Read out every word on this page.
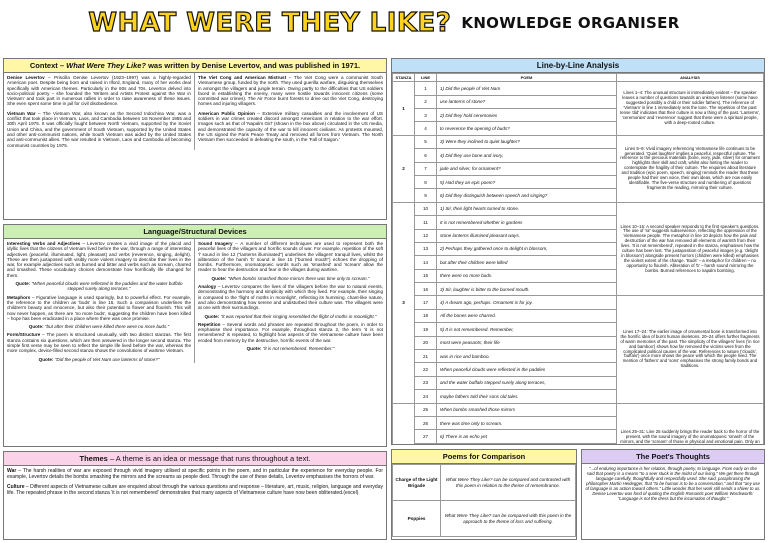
WHAT WERE THEY LIKE? KNOWLEDGE ORGANISER
Context – What Were They Like? was written by Denise Levertov, and was published in 1971.
Denise Levertov – Priscilla Denise Levertov (1923–1997) was a highly-regarded American poet. Despite being born and raised in Ilford, England, many of her works deal specifically with American themes. Particularly in the 60s and 70s, Levertov delved into socio-political poetry – she founded the 'Writers and Artists Protest against the War in Vietnam' and took part in numerous rallies in order to raise awareness of these issues. She even spent some time in jail for civil disobedience.
Vietnam War – The Vietnam War, also known as the Second Indochina War, was a conflict that took place in Vietnam, Laos, and Cambodia between 1st November 1955 and 30th April 1975. It was officially fought between North Vietnam, supported by the Soviet Union and China, and the government of South Vietnam, supported by the United States and other anti-communist nations, while South Vietnam was aided by the United States and anti-communist allies. The war resulted in Vietnam, Laos and Cambodia all becoming communist countries by 1975.
The Viet Cong and American Mistrust – The Viet Cong were a communist South Vietnamese group, funded by the north. They used guerilla warfare, disguising themselves in amongst the villagers and jungle terrain. Owing partly to the difficulties that US soldiers faced in establishing the enemy, many were hostile towards innocent citizens (some committed war crimes). The Air Force burnt forests to drive out the Viet Cong, destroying homes and injuring villagers.
American Public Opinion – Extensive military casualties and the involvement of US soldiers in war crimes created discord amongst Americans in relation to the war effort. Images such as that of 'Napalm Girl' (shown in the box above) circulated in the US media, and demonstrated the capacity of the war to kill innocent civilians. As protests mounted, the US signed the Paris Peace Treaty and removed all forces from Vietnam. The North Vietnam then succeeded in defeating the south, in the 'Fall of Saigon.'
Language/Structural Devices
Interesting Verbs and Adjectives – Levertov creates a vivid image of the placid and idyllic lives that the citizens of Vietnam lived before the war, through a range of interesting adjectives (peaceful, illuminated, light, pleasant) and verbs (reverence, singing, delight). These are then juxtaposed with visibly more violent imagery to describe their lives in the war, for example adjectives such as burned and bitter and verbs such as scream, charred and smashed. These vocabulary choices demonstrate how horrifically life changed for them.
Quote: "When peaceful clouds were reflected in the paddies and the water buffalo stepped surely along terraces."
Metaphors – Figurative language is used sparingly, but to powerful effect. For example, the reference to the children as 'buds' in line 15. Such a comparison underlines the children's beauty and innocence, but also their potential to flower and flourish. This will now never happen, as there are 'no more buds', suggesting the children have been killed – hope has been eradicated in a place where there was once promise.
Quote: "but after their children were killed there were no more buds."
Form/Structure – The poem is structured unusually, with two distinct stanzas. The first stanza contains six questions, which are then answered in the longer second stanza. The simple first verse may be seen to reflect the simple life lived before the war, whereas the more complex, device-filled second stanza shows the convolutions of wartime Vietnam.
Quote: "Did the people of Viet Nam use lanterns of stone?"
Sound Imagery – A number of different techniques are used to represent both the peaceful lives of the villagers and horrific sounds of war. For example, repetition of the soft 'l' sound in line 12 ("lanterns illuminated") underlines the villagers' tranquil lives, whilst the alliteration of the harsh 'b' sound in line 15 ("burned mouth") echoes the dropping of bombs. Furthermore, onomatopoeic words such as 'smashed' and 'scream' allow the reader to hear the destruction and fear in the villages during wartime.
Quote: "When bombs smashed those mirrors there was time only to scream."
Analogy – Levertov compares the lives of the villagers before the war to natural events, demonstrating the harmony and simplicity with which they lived. For example, their singing is compared to the 'flight of moths in moonlight', reflecting its humming, chant-like nature, and also demonstrating how serene and undisturbed their culture was. The villagers were at one with their surroundings.
Quote: "it was reported that their singing resembled the flight of moths in moonlight."
Repetition – Several words and phrases are repeated throughout the poem, in order to emphasise their importance. For example, throughout stanza 2, the term 'it is not remembered' is repeated, to highlight how aspects of the Vietnamese culture have been eroded from memory by the destructive, horrific events of the war.
Quote: "it is not remembered. Remember:"
Themes – A theme is an idea or message that runs throughout a text.
War – The harsh realities of war are exposed through vivid imagery utilised at specific points in the poem, and in particular the experience for everyday people. For example, Levertov details the bombs smashing the mirrors and the screams as people died. Through the use of these details, Levertov emphasises the horrors of war.
Culture – Different aspects of Vietnamese culture are enquired about through the various questions and response – literature, art, music, religion, language and everyday life. The repeated phrase in the second stanza 'it is not remembered' demonstrates that many aspects of Vietnamese culture have now been obliterated.(excel)
Line-by-Line Analysis
STANZA	LINE	POEM	ANALYSIS
1	1	1) Did the people of Viet Nam	Lines 1–4: The unusual structure is immediately evident – the speaker leaves a number of questions towards an unknown listener (some have suggested possibly a child or their soldier fathers). The reference of 'Vietnam' in line 1 immediately sets the tone. The repetition of the past tense 'did' indicates that their culture is now a thing of the past. 'Lanterns', 'ceremonies' and 'reverence' suggest that these were a spiritual people, with a deep-rooted culture.
	2	use lanterns of stone?	
	3	2) Did they hold ceremonies	
	4	to reverence the opening of buds?	
2	5	3) Were they inclined to quiet laughter?	Lines 5–9: Vivid imagery referencing Vietnamese life continues to be generated. 'Quiet laughter' implies a peaceful, respectful culture. The reference to the precious materials (bone, ivory, jade, silver) for ornament highlights their skill and craft, whilst also hinting the reader to contemplate the fragility of their culture. The enquiries about literature and tradition (epic poem, speech, singing) reminds the reader that these people had their own voice, their own ideas, which are now easily identifiable. The five-verse structure and numbering of questions fragments the reading, mirroring their culture.
	6	4) Did they use bone and ivory,	
	7	jade and silver, for ornament?	
	8	5) Had they an epic poem?	
	9	6) Did they distinguish between speech and singing?	
3	10	1) Sir, their light hearts turned to stone.	Lines 10–16: A second speaker responds to the first speaker's questions. The use of 'sir' suggests subservience, reflecting the oppression of the Vietnamese people. The metaphor in line 10 depicts how the pain and destruction of the war has removed all elements of warmth from their lives. 'It is not remembered', repeated in the stanza, emphasises how the culture has been lost. The juxtaposition of peaceful images (e.g. 'delight in blossom') alongside present horrors (children were killed) emphasises the violent extent of the change. 'Buds' – a metaphor for children – no opportunity to flourish. Alliteration of 'b' – harsh sound mirroring the bombs. Burned references to napalm bombing.
	11	It is not remembered whether in gardens	
	12	stone lanterns illumined pleasant ways.	
	13	2) Perhaps they gathered once to delight in blossom,	
	14	but after their children were killed	
	15	there were no more buds.	
	16	3) Sir, laughter is bitter to the burned mouth.	
	17	4) A dream ago, perhaps. Ornament is for joy.	Lines 17–24: The earlier image of ornamental bone is transformed into the horrific idea of burnt human skeletons. 20–24 offers further fragments of warm memories of the past. The simplicity of the villagers' lives ('in rice and bamboo') shows how far removed the victims were from the complicated political causes of the war. References to nature ('clouds', 'buffalo') once more shows the peace with which the people lived. The mention of 'fathers' and 'sons' emphasises the strong family bonds and traditions.
	18	All the bones were charred.	
	19	5) It is not remembered. Remember,	
	20	most were peasants; their life	
	21	was in rice and bamboo.	
	22	When peaceful clouds were reflected in the paddies	
	23	and the water buffalo stepped surely along terraces,	
	24	maybe fathers told their sons old tales.	
	25	When bombs smashed those mirrors	Lines 25–31: Line 25 suddenly brings the reader back to the horror of the present, with the sound imagery of the onomatopoeic 'smash' of the mirrors, and the 'scream' of those in physical and emotional pain. Only an
	26	there was time only to scream.	
	27	6) There is an echo yet	

Poems for Comparison
Charge of the Light Brigade	What Were They Like? can be compared and contrasted with this poem in relation to the theme of remembrance.
Poppies	What Were They Like? can be compared with this poem in the approach to the theme of loss and suffering.
The Poet's Thoughts
"...of enduring importance is her relation, through poetry, to language. From early on she said that poetry is a means "to a seer stuck in the midst of our living." We get there through language carefully, thoughtfully and respectfully used. She said, paraphrasing the philosopher Martin Heidegger, that "to be human is to be a conversation," and that "any use of language is an action toward others." Little wonder that her work still sends a shiver to us. Denise Levertov was fond of quoting the English Romantic poet William Wordsworth: "Language is not the dress but the incarnation of thought."
